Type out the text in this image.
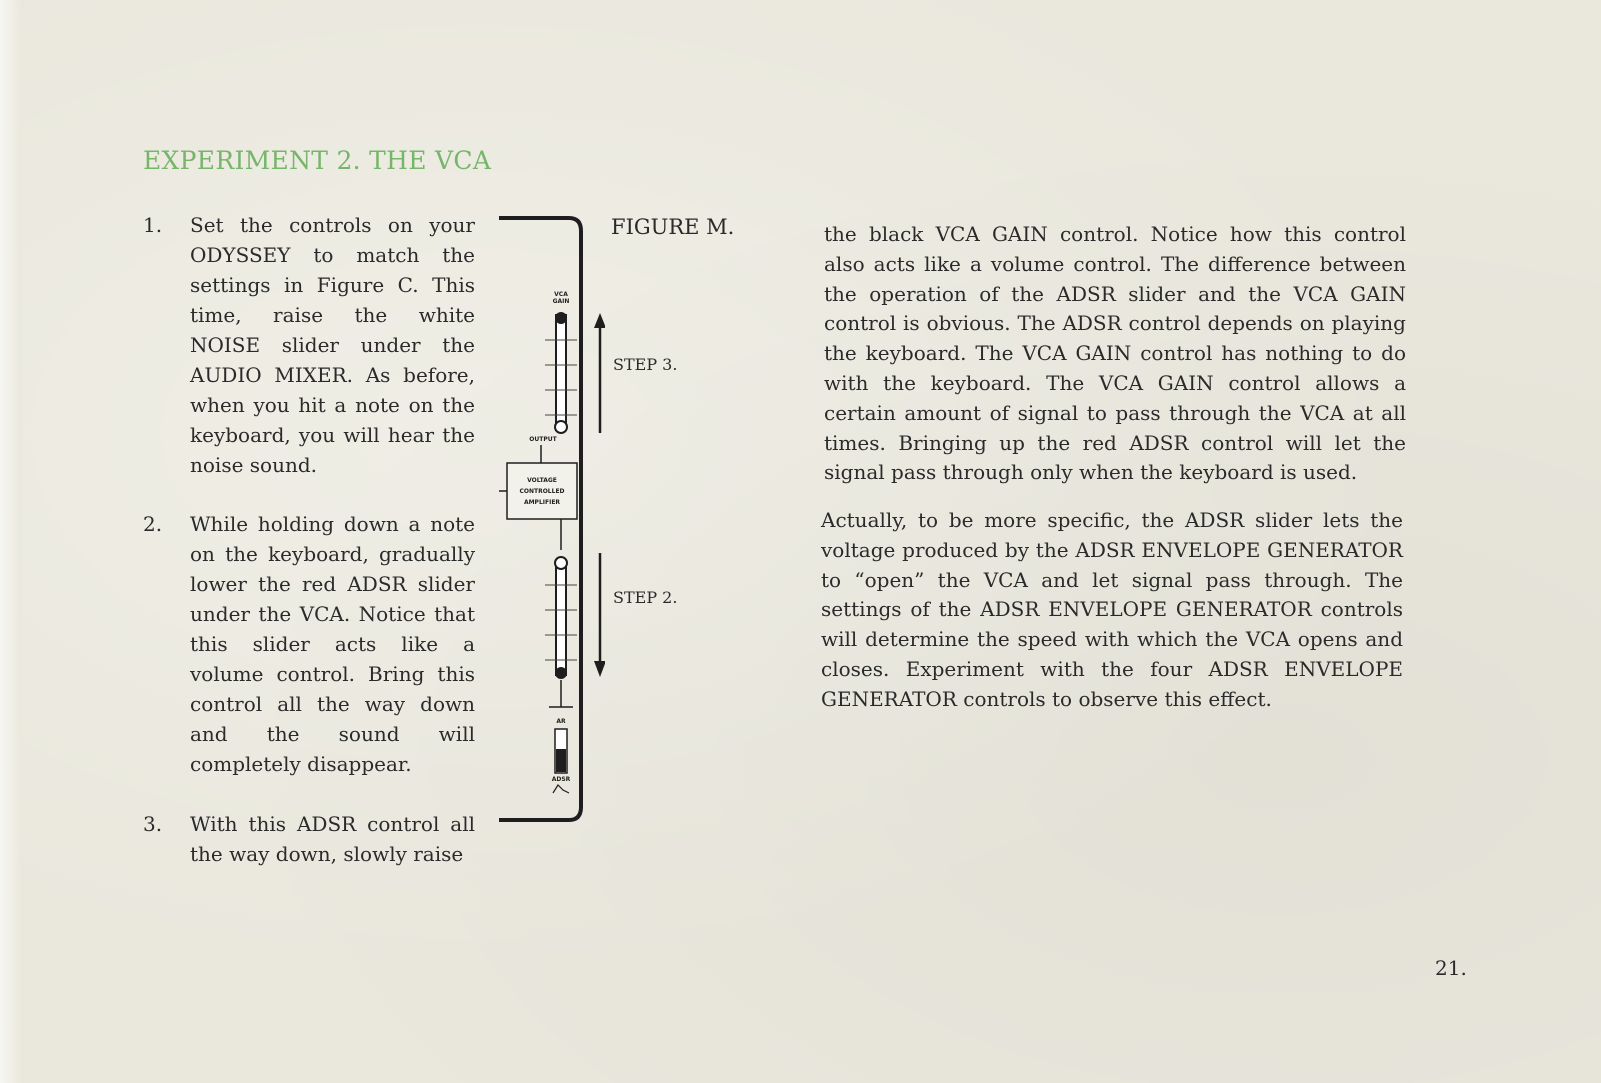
EXPERIMENT 2. THE VCA
1.	Set the controls on your ODYSSEY to match the settings in Figure C. This time, raise the white NOISE slider under the AUDIO MIXER. As before, when you hit a note on the keyboard, you will hear the noise sound.
2.	While holding down a note on the keyboard, gradually lower the red ADSR slider under the VCA. Notice that this slider acts like a volume control. Bring this control all the way down and the sound will completely disappear.
3.	With this ADSR control all the way down, slowly raise
VCA
GAIN
OUTPUT
VOLTAGE
CONTROLLED
AMPLIFIER
AR
ADSR
FIGURE M.
STEP 3.
STEP 2.
the black VCA GAIN control. Notice how this control also acts like a volume control. The difference between the operation of the ADSR slider and the VCA GAIN control is obvious. The ADSR control depends on playing the keyboard. The VCA GAIN control has nothing to do with the keyboard. The VCA GAIN control allows a certain amount of signal to pass through the VCA at all times. Bringing up the red ADSR control will let the signal pass through only when the keyboard is used.
Actually, to be more specific, the ADSR slider lets the voltage produced by the ADSR ENVELOPE GENERATOR to “open” the VCA and let signal pass through. The settings of the ADSR ENVELOPE GENERATOR controls will determine the speed with which the VCA opens and closes. Experiment with the four ADSR ENVELOPE GENERATOR controls to observe this effect.
21.
